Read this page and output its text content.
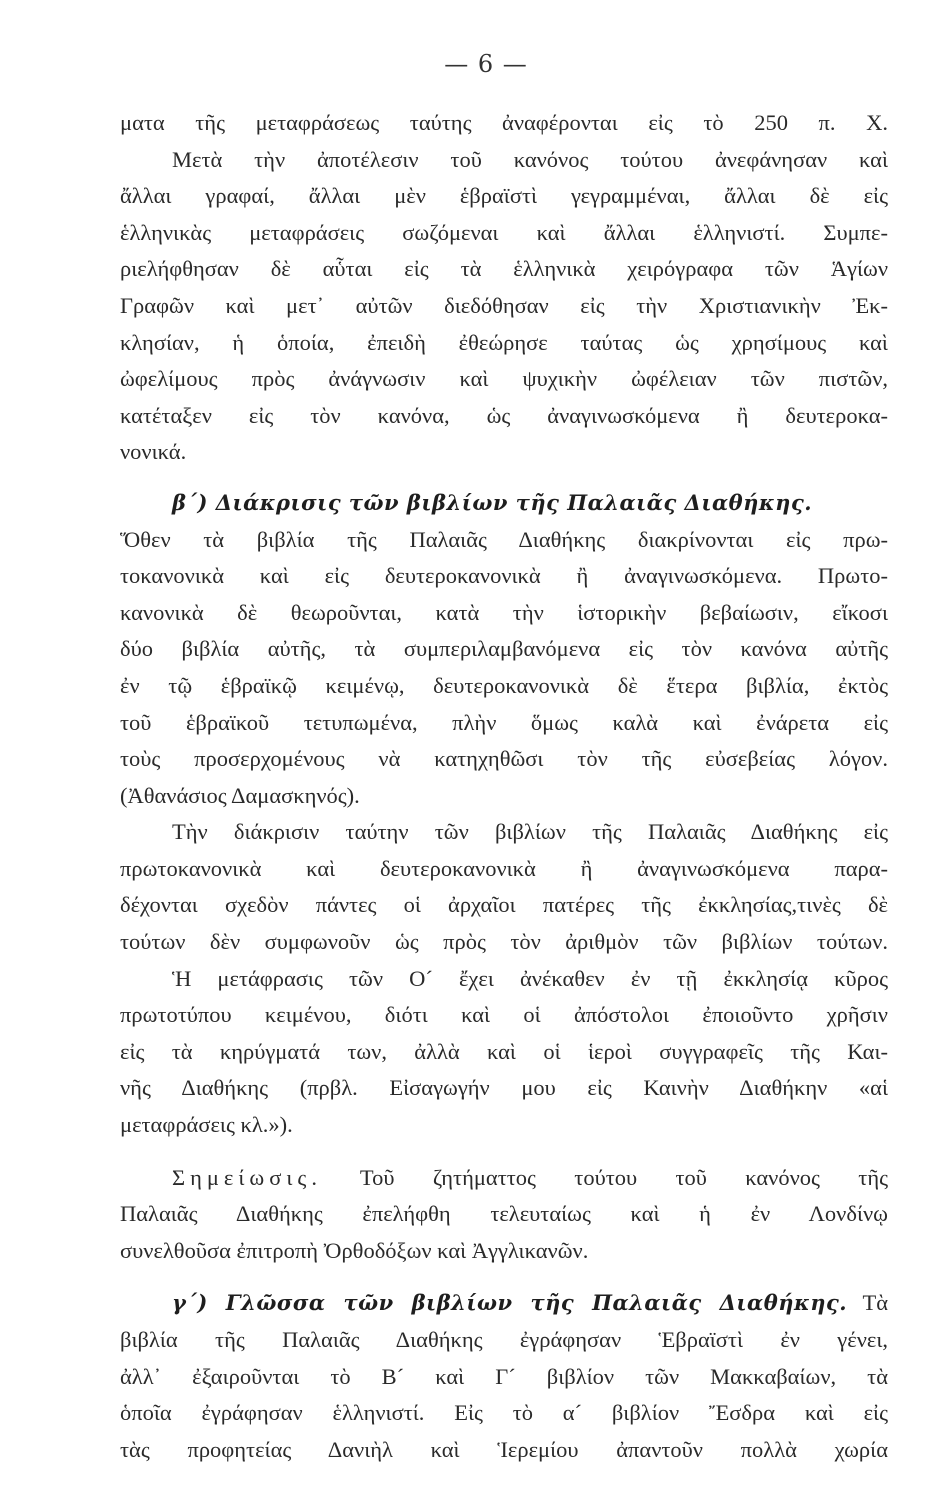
— 6 —
ματα τῆς μεταφράσεως ταύτης ἀναφέρονται εἰς τὸ 250 π. Χ.
Μετὰ τὴν ἀποτέλεσιν τοῦ κανόνος τούτου ἀνεφάνησαν καὶ
ἄλλαι γραφαί, ἄλλαι μὲν ἑβραϊστὶ γεγραμμέναι, ἄλλαι δὲ εἰς
ἑλληνικὰς μεταφράσεις σωζόμεναι καὶ ἄλλαι ἑλληνιστί. Συμπε-
ριελήφθησαν δὲ αὗται εἰς τὰ ἑλληνικὰ χειρόγραφα τῶν Ἁγίων
Γραφῶν καὶ μετ᾽ αὐτῶν διεδόθησαν εἰς τὴν Χριστιανικὴν Ἐκ-
κλησίαν, ἡ ὁποία, ἐπειδὴ ἐθεώρησε ταύτας ὡς χρησίμους καὶ
ὠφελίμους πρὸς ἀνάγνωσιν καὶ ψυχικὴν ὠφέλειαν τῶν πιστῶν,
κατέταξεν εἰς τὸν κανόνα, ὡς ἀναγινωσκόμενα ἢ δευτεροκα-
νονικά.
β´) Διάκρισις τῶν βιβλίων τῆς Παλαιᾶς Διαθήκης.
Ὅθεν τὰ βιβλία τῆς Παλαιᾶς Διαθήκης διακρίνονται εἰς πρω-
τοκανονικὰ καὶ εἰς δευτεροκανονικὰ ἢ ἀναγινωσκόμενα. Πρωτο-
κανονικὰ δὲ θεωροῦνται, κατὰ τὴν ἱστορικὴν βεβαίωσιν, εἴκοσι
δύο βιβλία αὐτῆς, τὰ συμπεριλαμβανόμενα εἰς τὸν κανόνα αὐτῆς
ἐν τῷ ἑβραϊκῷ κειμένῳ, δευτεροκανονικὰ δὲ ἕτερα βιβλία, ἐκτὸς
τοῦ ἑβραϊκοῦ τετυπωμένα, πλὴν ὅμως καλὰ καὶ ἐνάρετα εἰς
τοὺς προσερχομένους νὰ κατηχηθῶσι τὸν τῆς εὐσεβείας λόγον.
(Ἀθανάσιος Δαμασκηνός).
Τὴν διάκρισιν ταύτην τῶν βιβλίων τῆς Παλαιᾶς Διαθήκης εἰς
πρωτοκανονικὰ καὶ δευτεροκανονικὰ ἢ ἀναγινωσκόμενα παρα-
δέχονται σχεδὸν πάντες οἱ ἀρχαῖοι πατέρες τῆς ἐκκλησίας,τινὲς δὲ
τούτων δὲν συμφωνοῦν ὡς πρὸς τὸν ἀριθμὸν τῶν βιβλίων τούτων.
Ἡ μετάφρασις τῶν Ο´ ἔχει ἀνέκαθεν ἐν τῇ ἐκκλησίᾳ κῦρος
πρωτοτύπου κειμένου, διότι καὶ οἱ ἀπόστολοι ἐποιοῦντο χρῆσιν
εἰς τὰ κηρύγματά των, ἀλλὰ καὶ οἱ ἱεροὶ συγγραφεῖς τῆς Και-
νῆς Διαθήκης (πρβλ. Εἰσαγωγήν μου εἰς Καινὴν Διαθήκην «αἱ
μεταφράσεις κλ.»).
Σημείωσις. Τοῦ ζητήματτος τούτου τοῦ κανόνος τῆς
Παλαιᾶς Διαθήκης ἐπελήφθη τελευταίως καὶ ἡ ἐν Λονδίνῳ
συνελθοῦσα ἐπιτροπὴ Ὀρθοδόξων καὶ Ἀγγλικανῶν.
γ´) Γλῶσσα τῶν βιβλίων τῆς Παλαιᾶς Διαθήκης. Τὰ
βιβλία τῆς Παλαιᾶς Διαθήκης ἐγράφησαν Ἑβραϊστὶ ἐν γένει,
ἀλλ᾽ ἐξαιροῦνται τὸ Β´ καὶ Γ´ βιβλίον τῶν Μακκαβαίων, τὰ
ὁποῖα ἐγράφησαν ἑλληνιστί. Εἰς τὸ α´ βιβλίον Ἔσδρα καὶ εἰς
τὰς προφητείας Δανιὴλ καὶ Ἱερεμίου ἀπαντοῦν πολλὰ χωρία
